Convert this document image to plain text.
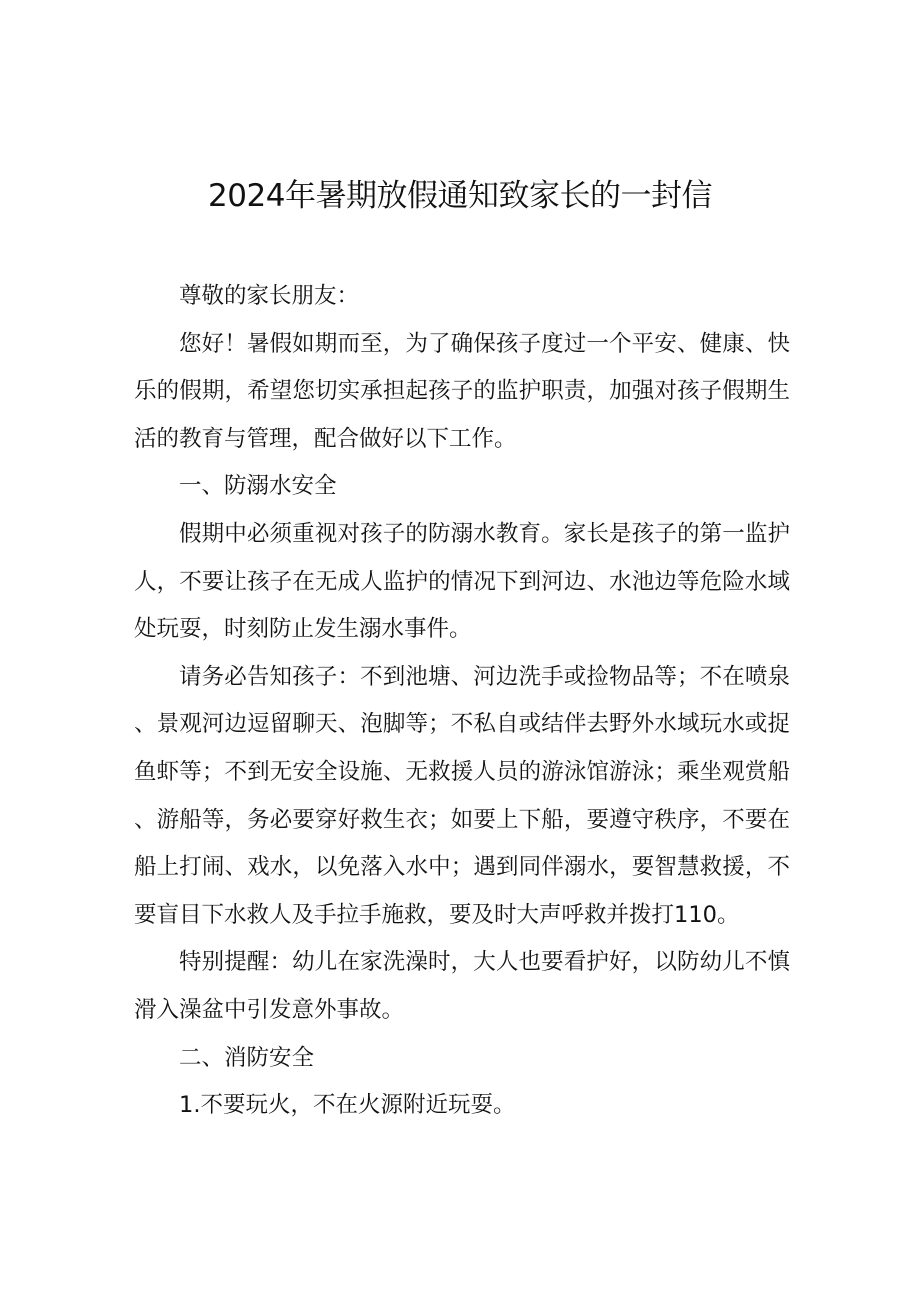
2024年暑期放假通知致家长的一封信

尊敬的家长朋友：

您好！暑假如期而至，为了确保孩子度过一个平安、健康、快乐的假期，希望您切实承担起孩子的监护职责，加强对孩子假期生活的教育与管理，配合做好以下工作。

一、防溺水安全

假期中必须重视对孩子的防溺水教育。家长是孩子的第一监护人，不要让孩子在无成人监护的情况下到河边、水池边等危险水域处玩耍，时刻防止发生溺水事件。

请务必告知孩子：不到池塘、河边洗手或捡物品等；不在喷泉、景观河边逗留聊天、泡脚等；不私自或结伴去野外水域玩水或捉鱼虾等；不到无安全设施、无救援人员的游泳馆游泳；乘坐观赏船、游船等，务必要穿好救生衣；如要上下船，要遵守秩序，不要在船上打闹、戏水，以免落入水中；遇到同伴溺水，要智慧救援，不要盲目下水救人及手拉手施救，要及时大声呼救并拨打110。

特别提醒：幼儿在家洗澡时，大人也要看护好，以防幼儿不慎滑入澡盆中引发意外事故。

二、消防安全

1.不要玩火，不在火源附近玩耍。
